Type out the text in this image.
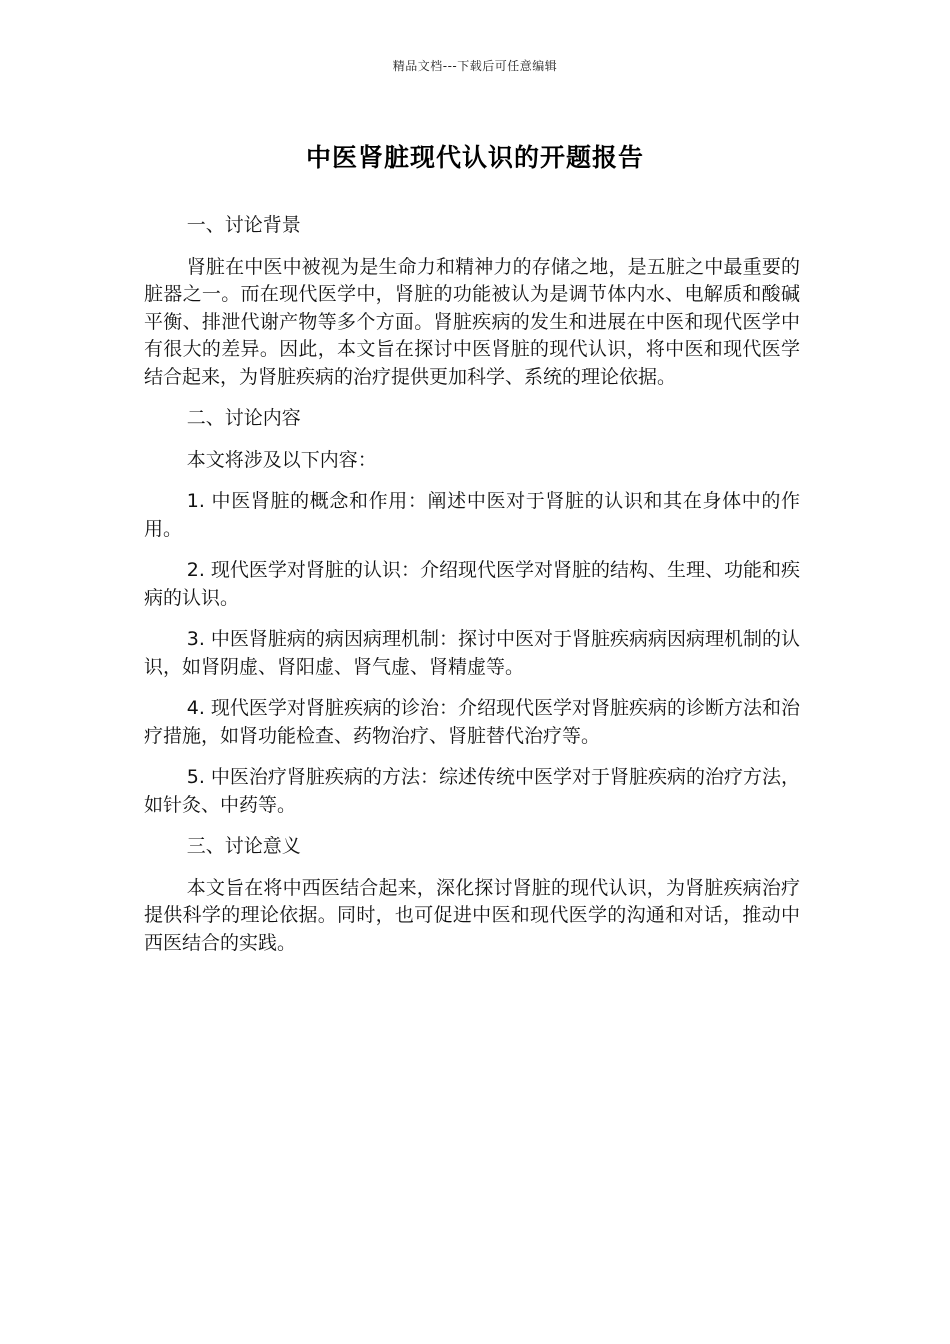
精品文档---下载后可任意编辑
中医肾脏现代认识的开题报告

一、讨论背景

肾脏在中医中被视为是生命力和精神力的存储之地，是五脏之中最重要的脏器之一。而在现代医学中，肾脏的功能被认为是调节体内水、电解质和酸碱平衡、排泄代谢产物等多个方面。肾脏疾病的发生和进展在中医和现代医学中有很大的差异。因此，本文旨在探讨中医肾脏的现代认识，将中医和现代医学结合起来，为肾脏疾病的治疗提供更加科学、系统的理论依据。

二、讨论内容

本文将涉及以下内容：

1. 中医肾脏的概念和作用：阐述中医对于肾脏的认识和其在身体中的作用。

2. 现代医学对肾脏的认识：介绍现代医学对肾脏的结构、生理、功能和疾病的认识。

3. 中医肾脏病的病因病理机制：探讨中医对于肾脏疾病病因病理机制的认识，如肾阴虚、肾阳虚、肾气虚、肾精虚等。

4. 现代医学对肾脏疾病的诊治：介绍现代医学对肾脏疾病的诊断方法和治疗措施，如肾功能检查、药物治疗、肾脏替代治疗等。

5. 中医治疗肾脏疾病的方法：综述传统中医学对于肾脏疾病的治疗方法，如针灸、中药等。

三、讨论意义

本文旨在将中西医结合起来，深化探讨肾脏的现代认识，为肾脏疾病治疗提供科学的理论依据。同时，也可促进中医和现代医学的沟通和对话，推动中西医结合的实践。
